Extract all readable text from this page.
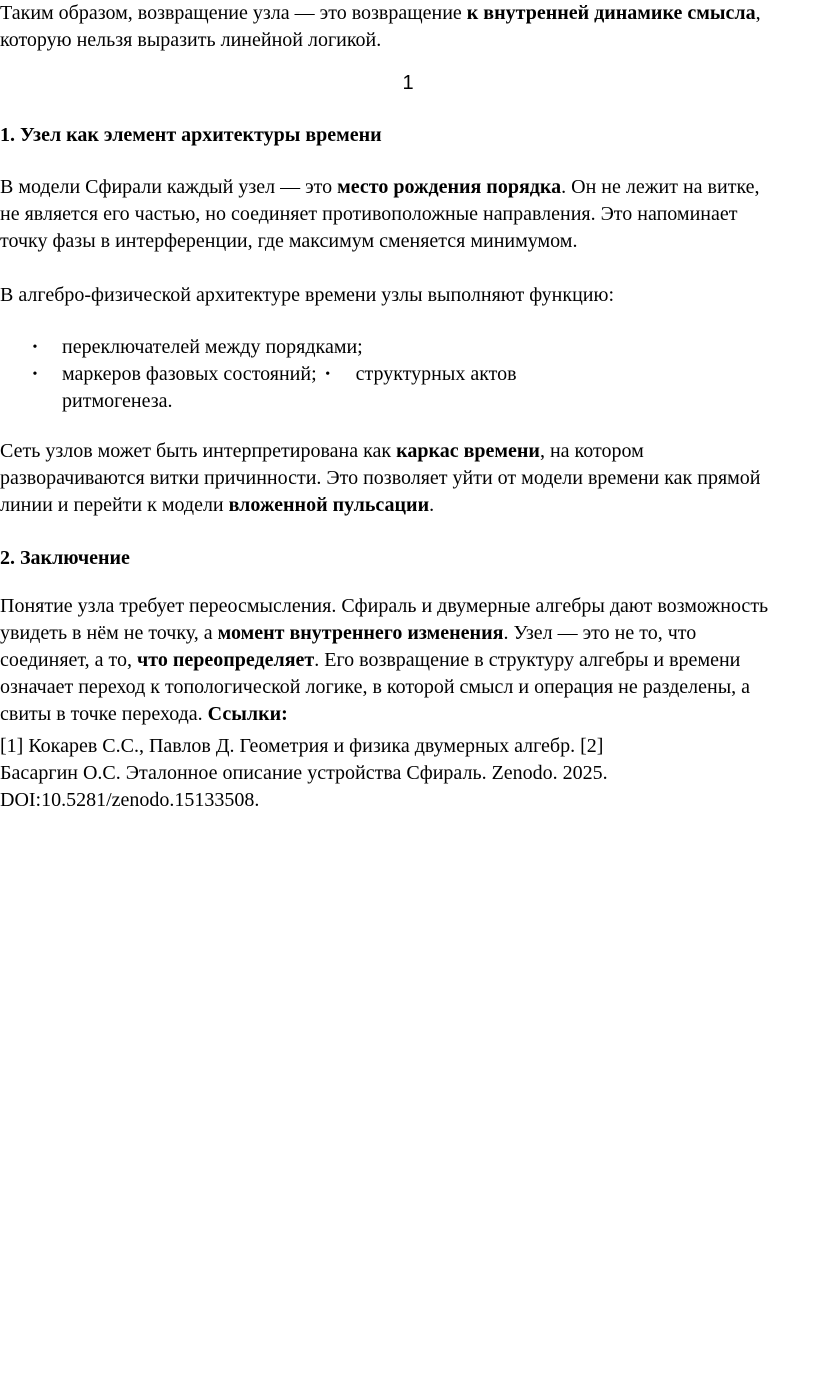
Таким образом, возвращение узла — это возвращение к внутренней динамике смысла,
которую нельзя выразить линейной логикой.

1

1. Узел как элемент архитектуры времени

В модели Сфирали каждый узел — это место рождения порядка. Он не лежит на витке,
не является его частью, но соединяет противоположные направления. Это напоминает
точку фазы в интерференции, где максимум сменяется минимумом.

В алгебро-физической архитектуре времени узлы выполняют функцию:

• переключателей между порядками;
• маркеров фазовых состояний; • структурных актов
ритмогенеза.

Сеть узлов может быть интерпретирована как каркас времени, на котором
разворачиваются витки причинности. Это позволяет уйти от модели времени как прямой
линии и перейти к модели вложенной пульсации.

2. Заключение

Понятие узла требует переосмысления. Сфираль и двумерные алгебры дают возможность
увидеть в нём не точку, а момент внутреннего изменения. Узел — это не то, что
соединяет, а то, что переопределяет. Его возвращение в структуру алгебры и времени
означает переход к топологической логике, в которой смысл и операция не разделены, а
свиты в точке перехода. Ссылки:

[1] Кокарев С.С., Павлов Д. Геометрия и физика двумерных алгебр. [2]
Басаргин О.С. Эталонное описание устройства Сфираль. Zenodo. 2025.
DOI:10.5281/zenodo.15133508.
